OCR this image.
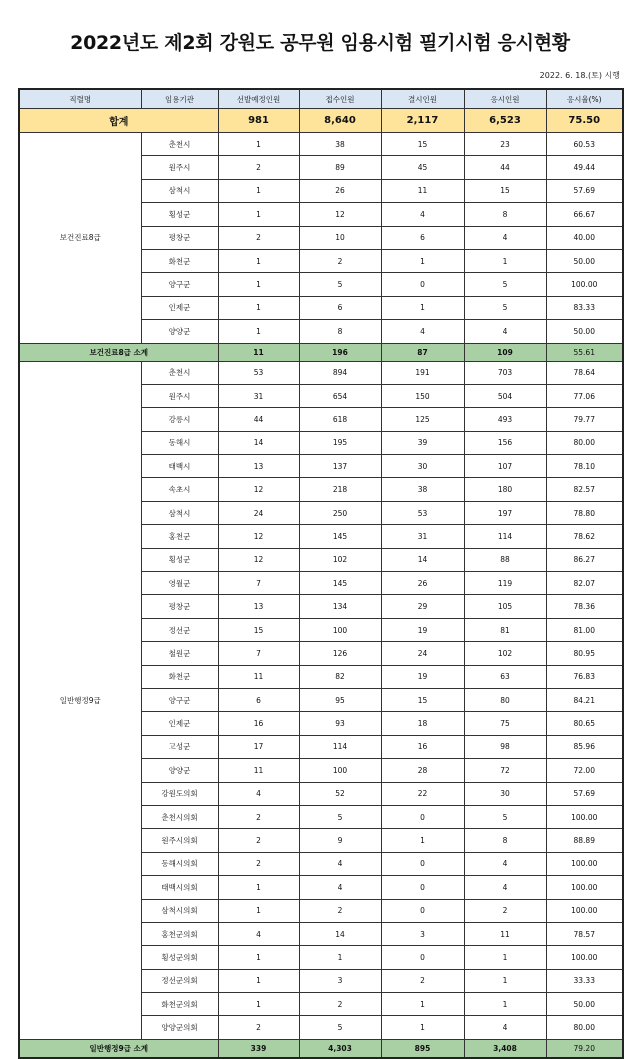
2022년도 제2회 강원도 공무원 임용시험 필기시험 응시현황
2022. 6. 18.(토) 시행
직렬명	임용기관	선발예정인원	접수인원	결시인원	응시인원	응시율(%)
합계		981	8,640	2,117	6,523	75.50
보건진료8급	춘천시	1	38	15	23	60.53
	원주시	2	89	45	44	49.44
	삼척시	1	26	11	15	57.69
	횡성군	1	12	4	8	66.67
	평창군	2	10	6	4	40.00
	화천군	1	2	1	1	50.00
	양구군	1	5	0	5	100.00
	인제군	1	6	1	5	83.33
	양양군	1	8	4	4	50.00
보건진료8급 소계		11	196	87	109	55.61
일반행정9급	춘천시	53	894	191	703	78.64
	원주시	31	654	150	504	77.06
	강릉시	44	618	125	493	79.77
	동해시	14	195	39	156	80.00
	태백시	13	137	30	107	78.10
	속초시	12	218	38	180	82.57
	삼척시	24	250	53	197	78.80
	홍천군	12	145	31	114	78.62
	횡성군	12	102	14	88	86.27
	영월군	7	145	26	119	82.07
	평창군	13	134	29	105	78.36
	정선군	15	100	19	81	81.00
	철원군	7	126	24	102	80.95
	화천군	11	82	19	63	76.83
	양구군	6	95	15	80	84.21
	인제군	16	93	18	75	80.65
	고성군	17	114	16	98	85.96
	양양군	11	100	28	72	72.00
	강원도의회	4	52	22	30	57.69
	춘천시의회	2	5	0	5	100.00
	원주시의회	2	9	1	8	88.89
	동해시의회	2	4	0	4	100.00
	태백시의회	1	4	0	4	100.00
	삼척시의회	1	2	0	2	100.00
	홍천군의회	4	14	3	11	78.57
	횡성군의회	1	1	0	1	100.00
	정선군의회	1	3	2	1	33.33
	화천군의회	1	2	1	1	50.00
	양양군의회	2	5	1	4	80.00
일반행정9급 소계		339	4,303	895	3,408	79.20
